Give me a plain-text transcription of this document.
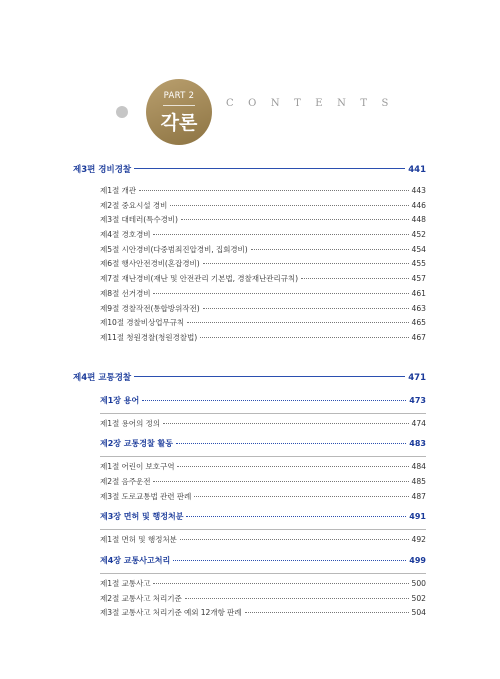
PART 2
각론
CONTENTS
제3편 경비경찰	441
제1절 개관	443
제2절 중요시설 경비	446
제3절 대테러(특수경비)	448
제4절 경호경비	452
제5절 시안경비(다중범죄진압경비, 집회경비)	454
제6절 행사안전경비(혼잡경비)	455
제7절 재난경비(재난 및 안전관리 기본법, 경찰재난관리규칙)	457
제8절 선거경비	461
제9절 경찰작전(통합방위작전)	463
제10절 경찰비상업무규칙	465
제11절 청원경찰(청원경찰법)	467
제4편 교통경찰	471
제1장 용어	473
제1절 용어의 정의	474
제2장 교통경찰 활동	483
제1절 어린이 보호구역	484
제2절 음주운전	485
제3절 도로교통법 관련 판례	487
제3장 면허 및 행정처분	491
제1절 면허 및 행정처분	492
제4장 교통사고처리	499
제1절 교통사고	500
제2절 교통사고 처리기준	502
제3절 교통사고 처리기준 예외 12개항 판례	504
